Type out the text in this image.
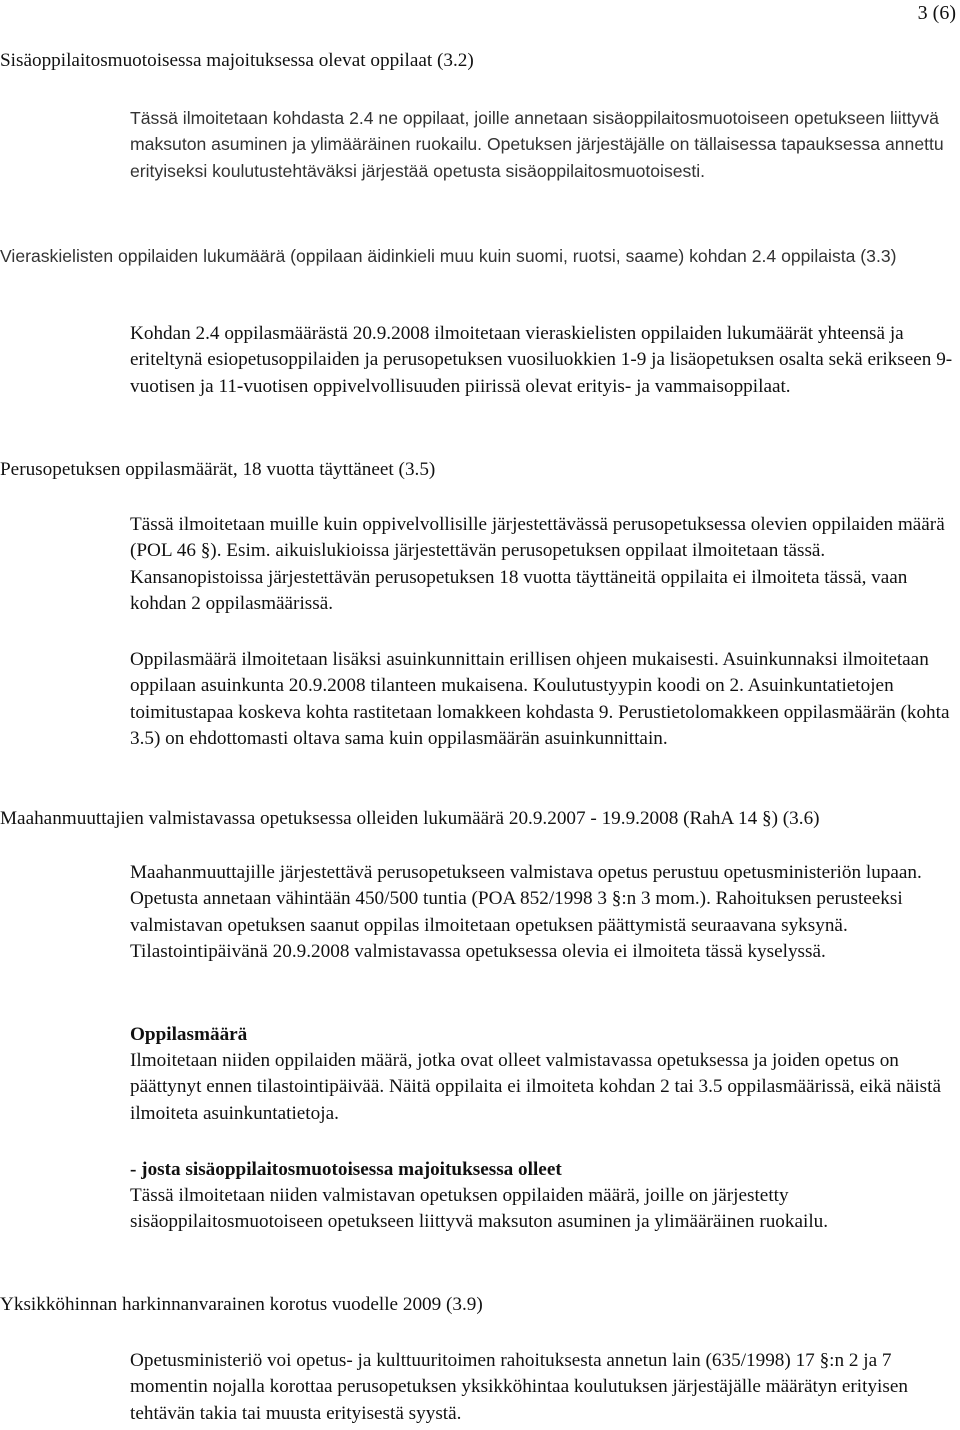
3 (6)

Sisäoppilaitosmuotoisessa majoituksessa olevat oppilaat (3.2)

Tässä ilmoitetaan kohdasta 2.4 ne oppilaat, joille annetaan sisäoppilaitosmuotoiseen opetukseen liittyvä maksuton asuminen ja ylimääräinen ruokailu. Opetuksen järjestäjälle on tällaisessa tapauksessa annettu erityiseksi koulutustehtäväksi järjestää opetusta sisäoppilaitosmuotoisesti.

Vieraskielisten oppilaiden lukumäärä (oppilaan äidinkieli muu kuin suomi, ruotsi, saame) kohdan 2.4 oppilaista (3.3)

Kohdan 2.4 oppilasmäärästä 20.9.2008 ilmoitetaan vieraskielisten oppilaiden lukumäärät yhteensä ja eriteltynä esiopetusoppilaiden ja perusopetuksen vuosiluokkien 1-9 ja lisäopetuksen osalta sekä erikseen 9-vuotisen ja 11-vuotisen oppivelvollisuuden piirissä olevat erityis- ja vammaisoppilaat.

Perusopetuksen oppilasmäärät, 18 vuotta täyttäneet (3.5)

Tässä ilmoitetaan muille kuin oppivelvollisille järjestettävässä perusopetuksessa olevien oppilaiden määrä (POL 46 §). Esim. aikuislukioissa järjestettävän perusopetuksen oppilaat ilmoitetaan tässä. Kansanopistoissa järjestettävän perusopetuksen 18 vuotta täyttäneitä oppilaita ei ilmoiteta tässä, vaan kohdan 2 oppilasmäärissä.

Oppilasmäärä ilmoitetaan lisäksi asuinkunnittain erillisen ohjeen mukaisesti. Asuinkunnaksi ilmoitetaan oppilaan asuinkunta 20.9.2008 tilanteen mukaisena. Koulutustyypin koodi on 2. Asuinkuntatietojen toimitustapaa koskeva kohta rastitetaan lomakkeen kohdasta 9. Perustietolomakkeen oppilasmäärän (kohta 3.5) on ehdottomasti oltava sama kuin oppilasmäärän asuinkunnittain.

Maahanmuuttajien valmistavassa opetuksessa olleiden lukumäärä 20.9.2007 - 19.9.2008 (RahA 14 §) (3.6)

Maahanmuuttajille järjestettävä perusopetukseen valmistava opetus perustuu opetusministeriön lupaan. Opetusta annetaan vähintään 450/500 tuntia (POA 852/1998 3 §:n 3 mom.). Rahoituksen perusteeksi valmistavan opetuksen saanut oppilas ilmoitetaan opetuksen päättymistä seuraavana syksynä. Tilastointipäivänä 20.9.2008 valmistavassa opetuksessa olevia ei ilmoiteta tässä kyselyssä.

Oppilasmäärä

Ilmoitetaan niiden oppilaiden määrä, jotka ovat olleet valmistavassa opetuksessa ja joiden opetus on päättynyt ennen tilastointipäivää. Näitä oppilaita ei ilmoiteta kohdan 2 tai 3.5 oppilasmäärissä, eikä näistä ilmoiteta asuinkuntatietoja.

- josta sisäoppilaitosmuotoisessa majoituksessa olleet

Tässä ilmoitetaan niiden valmistavan opetuksen oppilaiden määrä, joille on järjestetty sisäoppilaitosmuotoiseen opetukseen liittyvä maksuton asuminen ja ylimääräinen ruokailu.

Yksikköhinnan harkinnanvarainen korotus vuodelle 2009 (3.9)

Opetusministeriö voi opetus- ja kulttuuritoimen rahoituksesta annetun lain (635/1998) 17 §:n 2 ja 7 momentin nojalla korottaa perusopetuksen yksikköhintaa koulutuksen järjestäjälle määrätyn erityisen tehtävän takia tai muusta erityisestä syystä.
